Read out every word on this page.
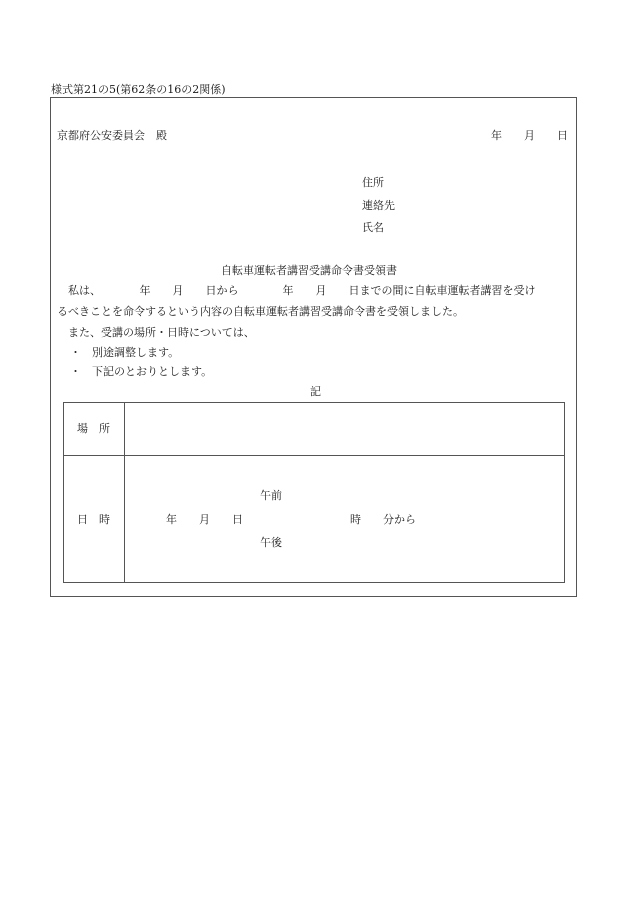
様式第21の5(第62条の16の2関係)
京都府公安委員会　殿	年 月 日
住所
連絡先
氏名
自転車運転者講習受講命令書受領書
私は、　　　　年　　月　　日から　　　　年　　月　　日までの間に自転車運転者講習を受け
るべきことを命令するという内容の自転車運転者講習受講命令書を受領しました。
また、受講の場所・日時については、
・　別途調整します。
・　下記のとおりとします。
記
場　所
日　時	年　　月　　日
午前
午後
時　　分から
